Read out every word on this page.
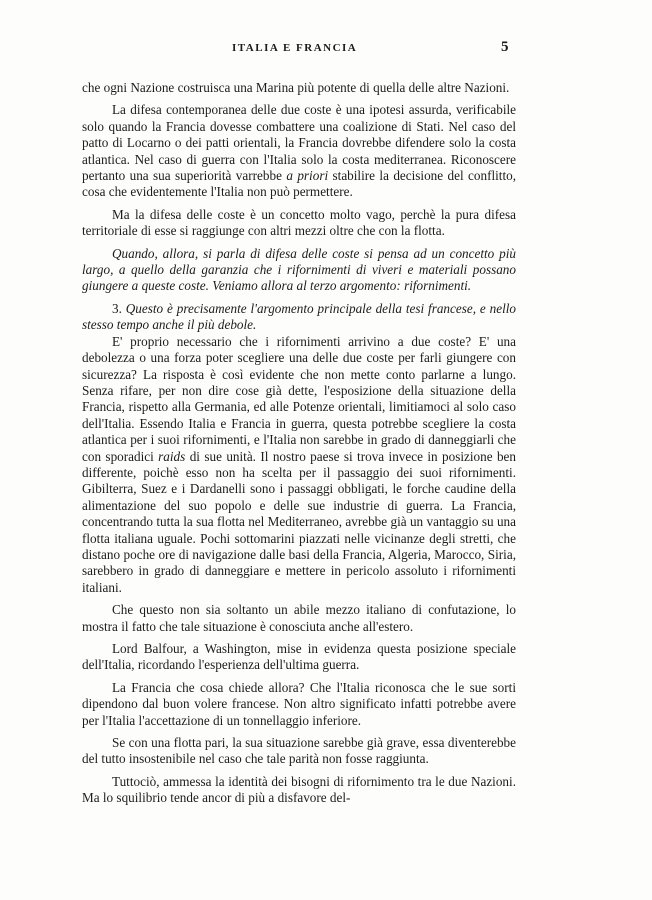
ITALIA E FRANCIA	5

che ogni Nazione costruisca una Marina più potente di quella delle altre Nazioni.

La difesa contemporanea delle due coste è una ipotesi assurda, verificabile solo quando la Francia dovesse combattere una coalizione di Stati. Nel caso del patto di Locarno o dei patti orientali, la Francia dovrebbe difendere solo la costa atlantica. Nel caso di guerra con l'Italia solo la costa mediterranea. Riconoscere pertanto una sua superiorità varrebbe a priori stabilire la decisione del conflitto, cosa che evidentemente l'Italia non può permettere.

Ma la difesa delle coste è un concetto molto vago, perchè la pura difesa territoriale di esse si raggiunge con altri mezzi oltre che con la flotta.

Quando, allora, si parla di difesa delle coste si pensa ad un concetto più largo, a quello della garanzia che i rifornimenti di viveri e materiali possano giungere a queste coste. Veniamo allora al terzo argomento: rifornimenti.

3. Questo è precisamente l'argomento principale della tesi francese, e nello stesso tempo anche il più debole.

E' proprio necessario che i rifornimenti arrivino a due coste? E' una debolezza o una forza poter scegliere una delle due coste per farli giungere con sicurezza? La risposta è così evidente che non mette conto parlarne a lungo. Senza rifare, per non dire cose già dette, l'esposizione della situazione della Francia, rispetto alla Germania, ed alle Potenze orientali, limitiamoci al solo caso dell'Italia. Essendo Italia e Francia in guerra, questa potrebbe scegliere la costa atlantica per i suoi rifornimenti, e l'Italia non sarebbe in grado di danneggiarli che con sporadici raids di sue unità. Il nostro paese si trova invece in posizione ben differente, poichè esso non ha scelta per il passaggio dei suoi rifornimenti. Gibilterra, Suez e i Dardanelli sono i passaggi obbligati, le forche caudine della alimentazione del suo popolo e delle sue industrie di guerra. La Francia, concentrando tutta la sua flotta nel Mediterraneo, avrebbe già un vantaggio su una flotta italiana uguale. Pochi sottomarini piazzati nelle vicinanze degli stretti, che distano poche ore di navigazione dalle basi della Francia, Algeria, Marocco, Siria, sarebbero in grado di danneggiare e mettere in pericolo assoluto i rifornimenti italiani.

Che questo non sia soltanto un abile mezzo italiano di confutazione, lo mostra il fatto che tale situazione è conosciuta anche all'estero.

Lord Balfour, a Washington, mise in evidenza questa posizione speciale dell'Italia, ricordando l'esperienza dell'ultima guerra.

La Francia che cosa chiede allora? Che l'Italia riconosca che le sue sorti dipendono dal buon volere francese. Non altro significato infatti potrebbe avere per l'Italia l'accettazione di un tonnellaggio inferiore.

Se con una flotta pari, la sua situazione sarebbe già grave, essa diventerebbe del tutto insostenibile nel caso che tale parità non fosse raggiunta.

Tuttociò, ammessa la identità dei bisogni di rifornimento tra le due Nazioni. Ma lo squilibrio tende ancor di più a disfavore del-
